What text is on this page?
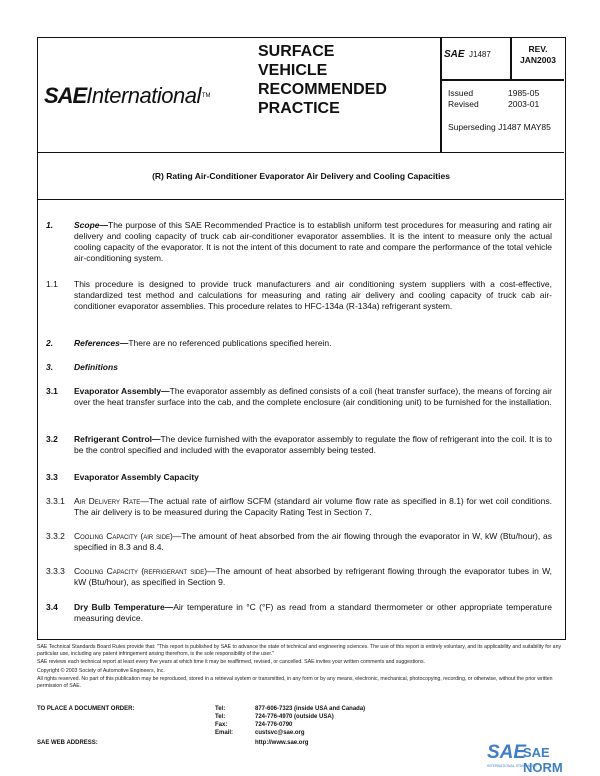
SAE International TM
SURFACE
VEHICLE
RECOMMENDED
PRACTICE
SAE J1487
REV.
JAN2003
Issued	1985-05
Revised	2003-01
Superseding J1487 MAY85
(R) Rating Air-Conditioner Evaporator Air Delivery and Cooling Capacities
1. Scope—The purpose of this SAE Recommended Practice is to establish uniform test procedures for measuring and rating air delivery and cooling capacity of truck cab air-conditioner evaporator assemblies. It is the intent to measure only the actual cooling capacity of the evaporator. It is not the intent of this document to rate and compare the performance of the total vehicle air-conditioning system.
1.1 This procedure is designed to provide truck manufacturers and air conditioning system suppliers with a cost-effective, standardized test method and calculations for measuring and rating air delivery and cooling capacity of truck cab air-conditioner evaporator assemblies. This procedure relates to HFC-134a (R-134a) refrigerant system.
2. References—There are no referenced publications specified herein.
3. Definitions
3.1 Evaporator Assembly—The evaporator assembly as defined consists of a coil (heat transfer surface), the means of forcing air over the heat transfer surface into the cab, and the complete enclosure (air conditioning unit) to be furnished for the installation.
3.2 Refrigerant Control—The device furnished with the evaporator assembly to regulate the flow of refrigerant into the coil. It is to be the control specified and included with the evaporator assembly being tested.
3.3 Evaporator Assembly Capacity
3.3.1 Air Delivery Rate—The actual rate of airflow SCFM (standard air volume flow rate as specified in 8.1) for wet coil conditions. The air delivery is to be measured during the Capacity Rating Test in Section 7.
3.3.2 Cooling Capacity (air side)—The amount of heat absorbed from the air flowing through the evaporator in W, kW (Btu/hour), as specified in 8.3 and 8.4.
3.3.3 Cooling Capacity (refrigerant side)—The amount of heat absorbed by refrigerant flowing through the evaporator tubes in W, kW (Btu/hour), as specified in Section 9.
3.4 Dry Bulb Temperature—Air temperature in °C (°F) as read from a standard thermometer or other appropriate temperature measuring device.

SAE Technical Standards Board Rules provide that: "This report is published by SAE to advance the state of technical and engineering sciences. The use of this report is entirely voluntary, and its applicability and suitability for any particular use, including any patent infringement arising therefrom, is the sole responsibility of the user."

SAE reviews each technical report at least every five years at which time it may be reaffirmed, revised, or cancelled. SAE invites your written comments and suggestions.

Copyright © 2003 Society of Automotive Engineers, Inc.

All rights reserved. No part of this publication may be reproduced, stored in a retrieval system or transmitted, in any form or by any means, electronic, mechanical, photocopying, recording, or otherwise, without the prior written permission of SAE.

TO PLACE A DOCUMENT ORDER:	Tel:	877-606-7323 (inside USA and Canada)
Tel:	724-776-4970 (outside USA)
Fax:	724-776-0790
Email:	custsvc@sae.org
SAE WEB ADDRESS:	http://www.sae.org	SAE
SAE NORM
INTERNATIONAL STANDARDS
